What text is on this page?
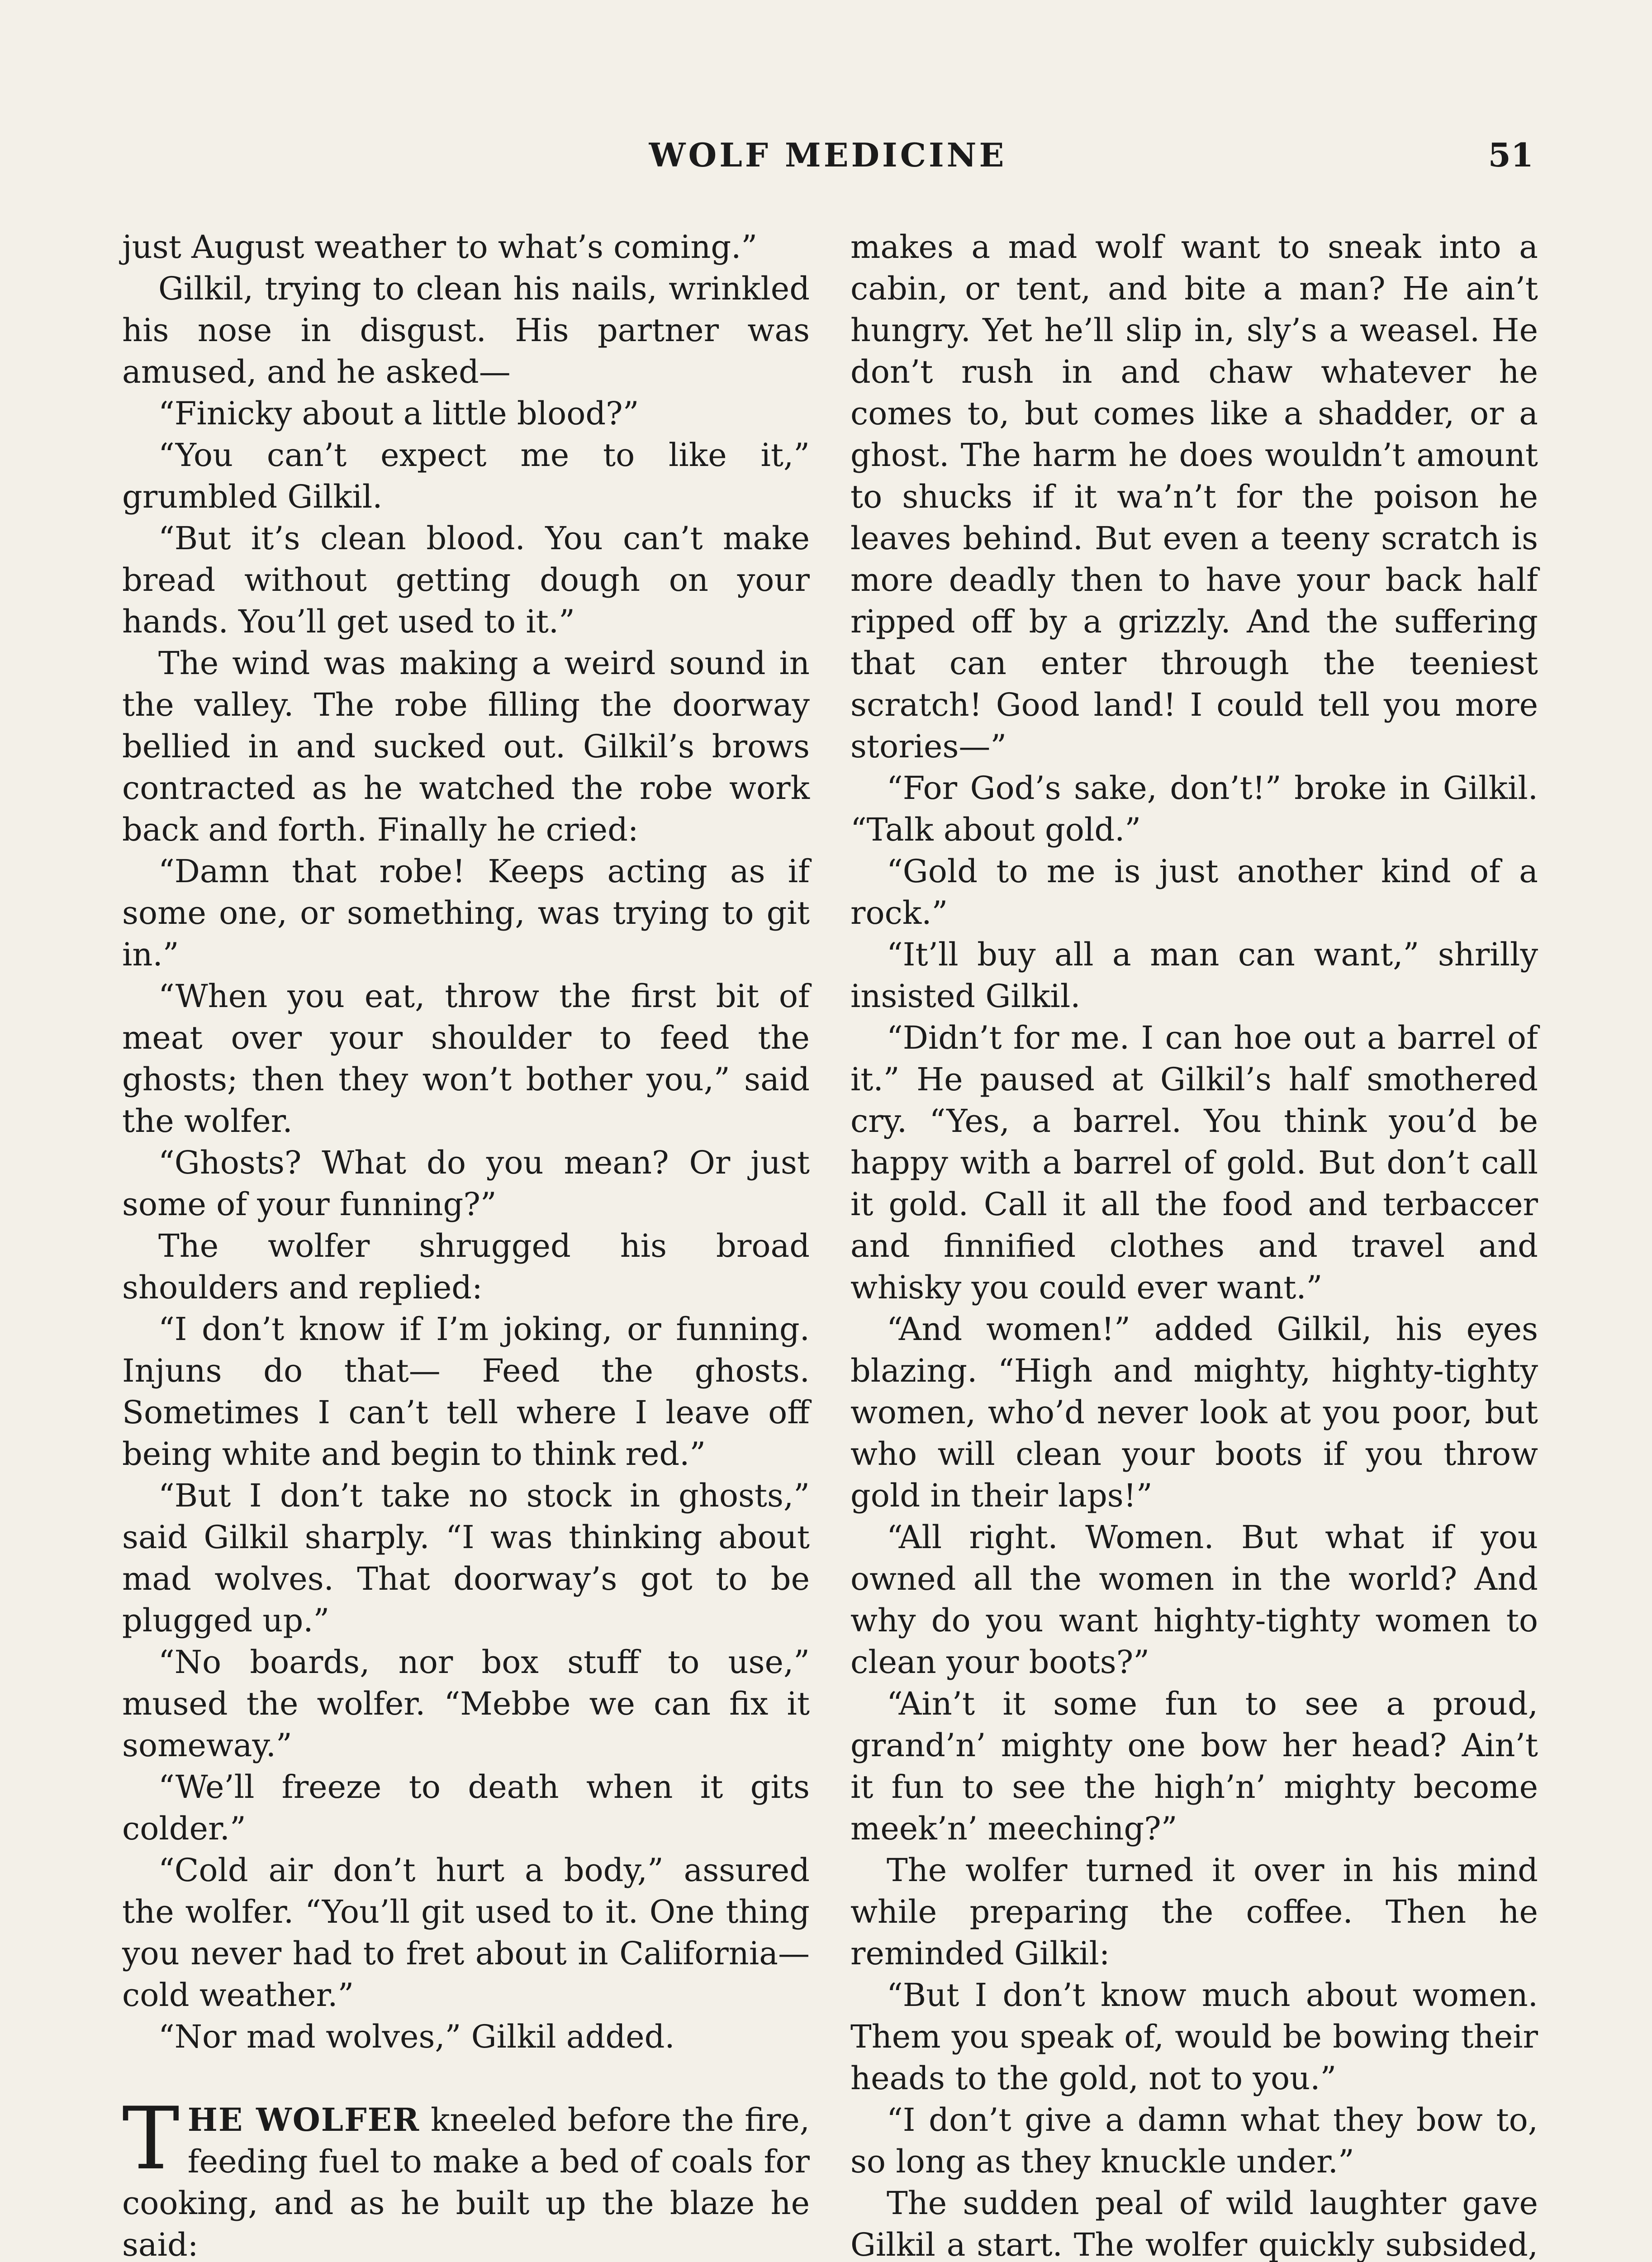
WOLF MEDICINE	51

just August weather to what’s coming.”

Gilkil, trying to clean his nails, wrinkled his nose in disgust. His partner was amused, and he asked—

“Finicky about a little blood?”

“You can’t expect me to like it,” grumbled Gilkil.

“But it’s clean blood. You can’t make bread without getting dough on your hands. You’ll get used to it.”

The wind was making a weird sound in the valley. The robe filling the doorway bellied in and sucked out. Gilkil’s brows contracted as he watched the robe work back and forth. Finally he cried:

“Damn that robe! Keeps acting as if some one, or something, was trying to git in.”

“When you eat, throw the first bit of meat over your shoulder to feed the ghosts; then they won’t bother you,” said the wolfer.

“Ghosts? What do you mean? Or just some of your funning?”

The wolfer shrugged his broad shoulders and replied:

“I don’t know if I’m joking, or funning. Injuns do that— Feed the ghosts. Sometimes I can’t tell where I leave off being white and begin to think red.”

“But I don’t take no stock in ghosts,” said Gilkil sharply. “I was thinking about mad wolves. That doorway’s got to be plugged up.”

“No boards, nor box stuff to use,” mused the wolfer. “Mebbe we can fix it someway.”

“We’ll freeze to death when it gits colder.”

“Cold air don’t hurt a body,” assured the wolfer. “You’ll git used to it. One thing you never had to fret about in California—cold weather.”

“Nor mad wolves,” Gilkil added.

THE WOLFER kneeled before the fire, feeding fuel to make a bed of coals for cooking, and as he built up the blaze he said:

makes a mad wolf want to sneak into a cabin, or tent, and bite a man? He ain’t hungry. Yet he’ll slip in, sly’s a weasel. He don’t rush in and chaw whatever he comes to, but comes like a shadder, or a ghost. The harm he does wouldn’t amount to shucks if it wa’n’t for the poison he leaves behind. But even a teeny scratch is more deadly then to have your back half ripped off by a grizzly. And the suffering that can enter through the teeniest scratch! Good land! I could tell you more stories—”

“For God’s sake, don’t!” broke in Gilkil. “Talk about gold.”

“Gold to me is just another kind of a rock.”

“It’ll buy all a man can want,” shrilly insisted Gilkil.

“Didn’t for me. I can hoe out a barrel of it.” He paused at Gilkil’s half smothered cry. “Yes, a barrel. You think you’d be happy with a barrel of gold. But don’t call it gold. Call it all the food and terbaccer and finnified clothes and travel and whisky you could ever want.”

“And women!” added Gilkil, his eyes blazing. “High and mighty, highty-tighty women, who’d never look at you poor, but who will clean your boots if you throw gold in their laps!”

“All right. Women. But what if you owned all the women in the world? And why do you want highty-tighty women to clean your boots?”

“Ain’t it some fun to see a proud, grand’n’ mighty one bow her head? Ain’t it fun to see the high’n’ mighty become meek’n’ meeching?”

The wolfer turned it over in his mind while preparing the coffee. Then he reminded Gilkil:

“But I don’t know much about women. Them you speak of, would be bowing their heads to the gold, not to you.”

“I don’t give a damn what they bow to, so long as they knuckle under.”

The sudden peal of wild laughter gave Gilkil a start. The wolfer quickly subsided,
